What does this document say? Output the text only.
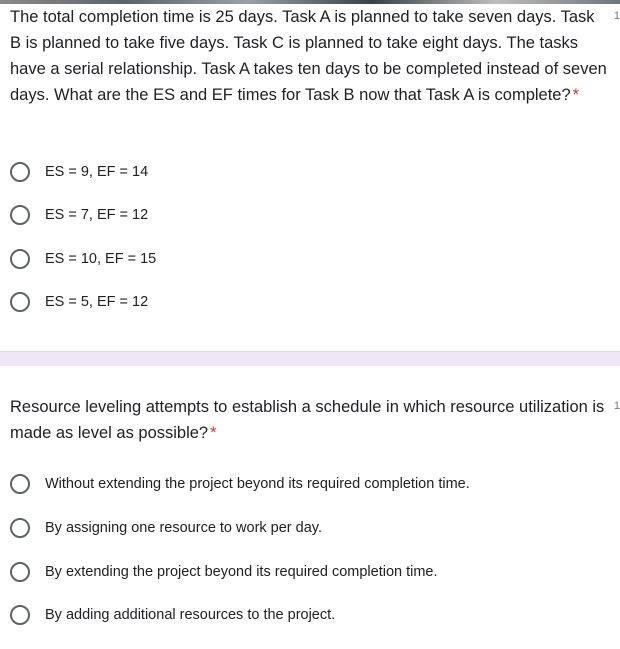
The total completion time is 25 days. Task A is planned to take seven days. Task B is planned to take five days. Task C is planned to take eight days. The tasks have a serial relationship. Task A takes ten days to be completed instead of seven days. What are the ES and EF times for Task B now that Task A is complete? *
1
ES = 9, EF = 14
ES = 7, EF = 12
ES = 10, EF = 15
ES = 5, EF = 12
Resource leveling attempts to establish a schedule in which resource utilization is made as level as possible? *
1
Without extending the project beyond its required completion time.
By assigning one resource to work per day.
By extending the project beyond its required completion time.
By adding additional resources to the project.
